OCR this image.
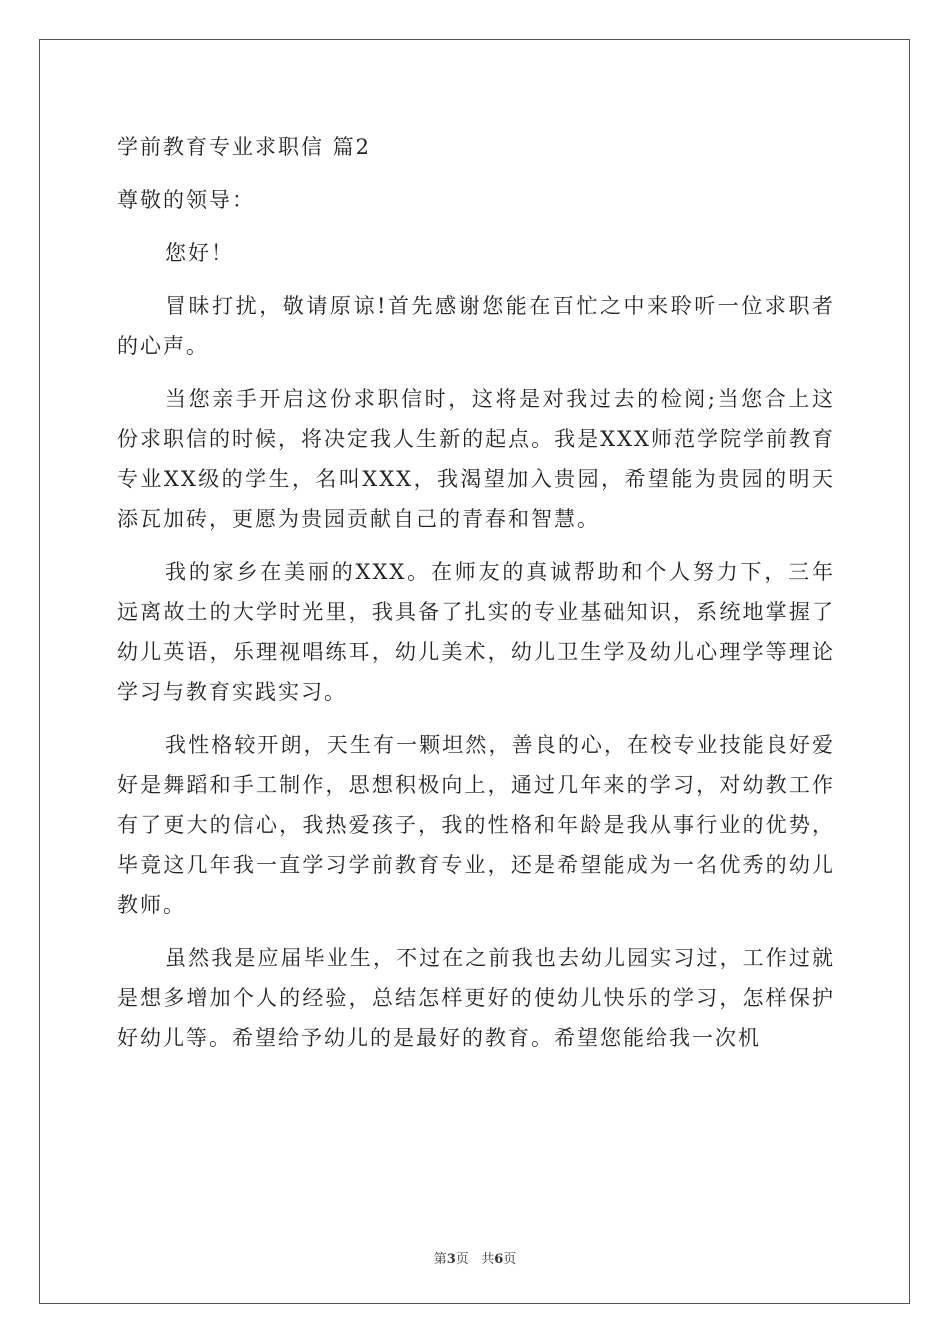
学前教育专业求职信 篇2
尊敬的领导：

您好！

冒昧打扰，敬请原谅!首先感谢您能在百忙之中来聆听一位求职者的心声。

当您亲手开启这份求职信时，这将是对我过去的检阅;当您合上这份求职信的时候，将决定我人生新的起点。我是XXX师范学院学前教育专业XX级的学生，名叫XXX，我渴望加入贵园，希望能为贵园的明天添瓦加砖，更愿为贵园贡献自己的青春和智慧。

我的家乡在美丽的XXX。在师友的真诚帮助和个人努力下，三年远离故土的大学时光里，我具备了扎实的专业基础知识，系统地掌握了幼儿英语，乐理视唱练耳，幼儿美术，幼儿卫生学及幼儿心理学等理论学习与教育实践实习。

我性格较开朗，天生有一颗坦然，善良的心，在校专业技能良好爱好是舞蹈和手工制作，思想积极向上，通过几年来的学习，对幼教工作有了更大的信心，我热爱孩子，我的性格和年龄是我从事行业的优势，毕竟这几年我一直学习学前教育专业，还是希望能成为一名优秀的幼儿教师。

虽然我是应届毕业生，不过在之前我也去幼儿园实习过，工作过就是想多增加个人的经验，总结怎样更好的使幼儿快乐的学习，怎样保护好幼儿等。希望给予幼儿的是最好的教育。希望您能给我一次机

第3页 共6页
